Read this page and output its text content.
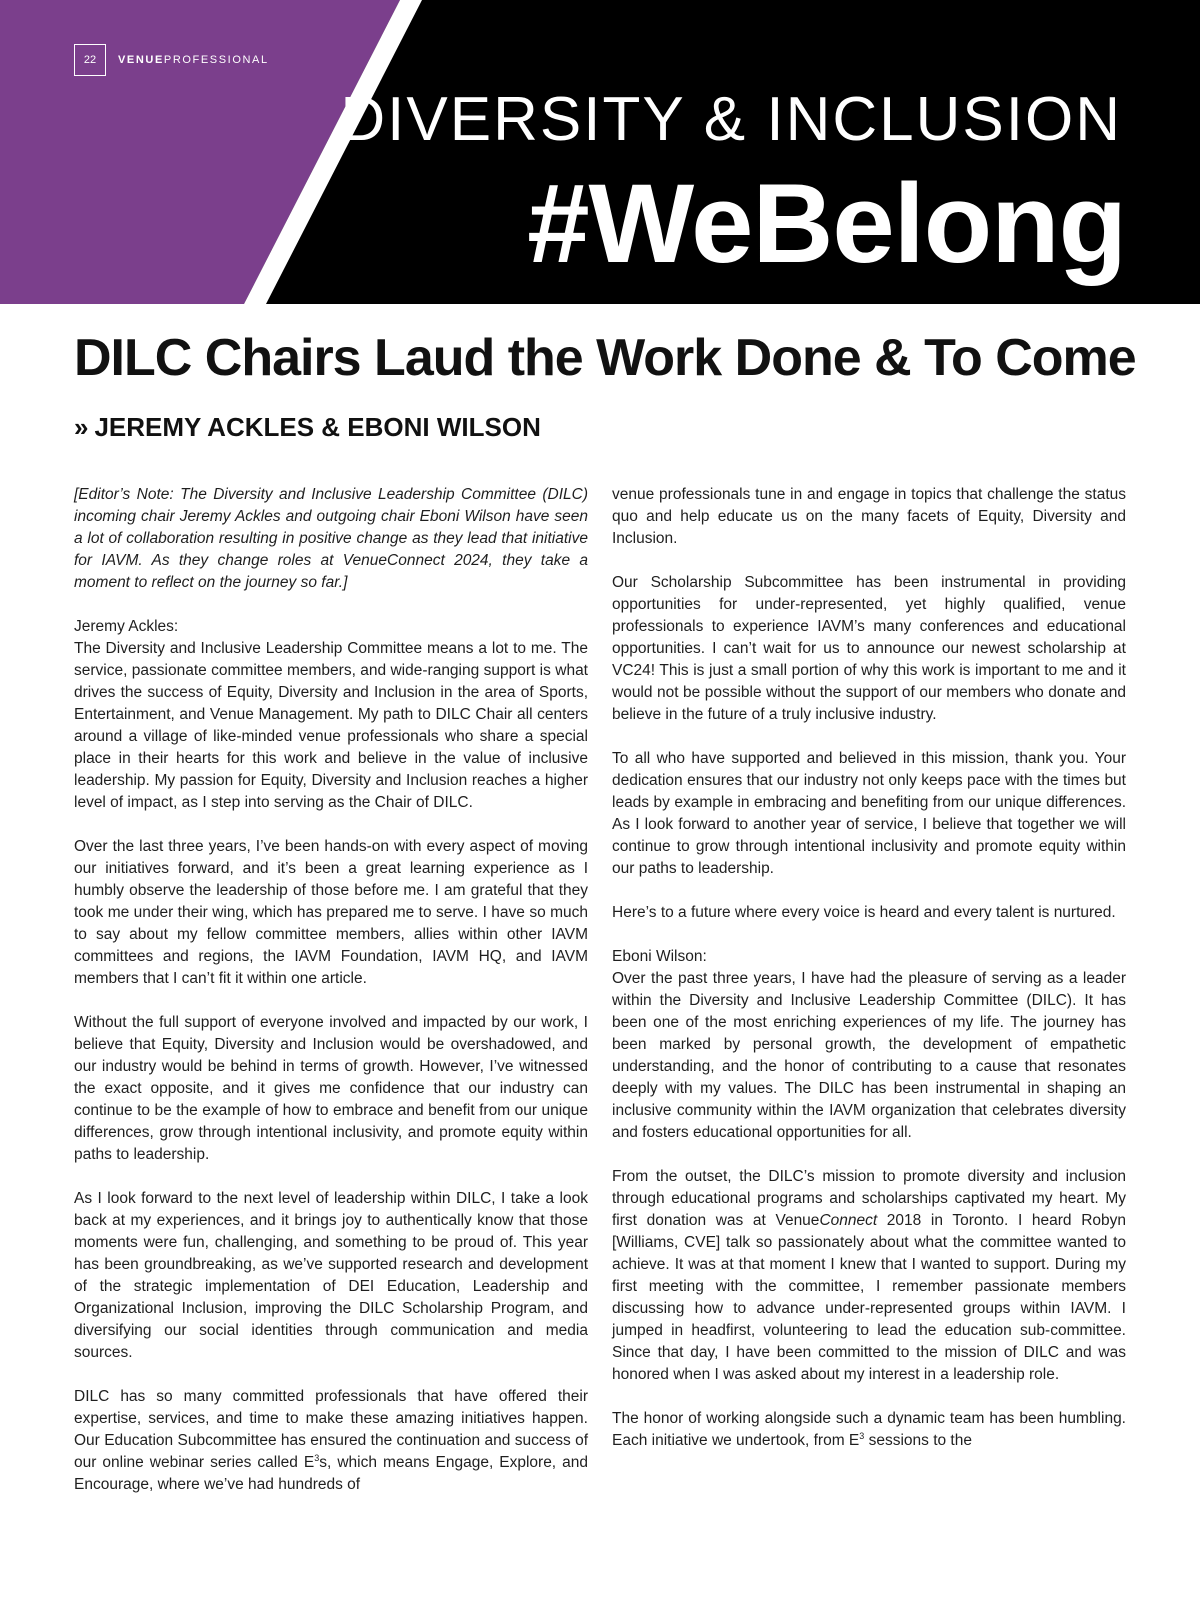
22	VENUEPROFESSIONAL
DIVERSITY & INCLUSION
#WeBelong
DILC Chairs Laud the Work Done & To Come
» JEREMY ACKLES & EBONI WILSON

[Editor’s Note: The Diversity and Inclusive Leadership Committee (DILC) incoming chair Jeremy Ackles and outgoing chair Eboni Wilson have seen a lot of collaboration resulting in positive change as they lead that initiative for IAVM. As they change roles at VenueConnect 2024, they take a moment to reflect on the journey so far.]

Jeremy Ackles:

The Diversity and Inclusive Leadership Committee means a lot to me. The service, passionate committee members, and wide-ranging support is what drives the success of Equity, Diversity and Inclusion in the area of Sports, Entertainment, and Venue Management. My path to DILC Chair all centers around a village of like-minded venue professionals who share a special place in their hearts for this work and believe in the value of inclusive leadership. My passion for Equity, Diversity and Inclusion reaches a higher level of impact, as I step into serving as the Chair of DILC.

Over the last three years, I’ve been hands-on with every aspect of moving our initiatives forward, and it’s been a great learning experience as I humbly observe the leadership of those before me. I am grateful that they took me under their wing, which has prepared me to serve. I have so much to say about my fellow committee members, allies within other IAVM committees and regions, the IAVM Foundation, IAVM HQ, and IAVM members that I can’t fit it within one article.

Without the full support of everyone involved and impacted by our work, I believe that Equity, Diversity and Inclusion would be overshadowed, and our industry would be behind in terms of growth. However, I’ve witnessed the exact opposite, and it gives me confidence that our industry can continue to be the example of how to embrace and benefit from our unique differences, grow through intentional inclusivity, and promote equity within paths to leadership.

As I look forward to the next level of leadership within DILC, I take a look back at my experiences, and it brings joy to authentically know that those moments were fun, challenging, and something to be proud of. This year has been groundbreaking, as we’ve supported research and development of the strategic implementation of DEI Education, Leadership and Organizational Inclusion, improving the DILC Scholarship Program, and diversifying our social identities through communication and media sources.

DILC has so many committed professionals that have offered their expertise, services, and time to make these amazing initiatives happen. Our Education Subcommittee has ensured the continuation and success of our online webinar series called $E^3s$, which means Engage, Explore, and Encourage, where we’ve had hundreds of

venue professionals tune in and engage in topics that challenge the status quo and help educate us on the many facets of Equity, Diversity and Inclusion.

Our Scholarship Subcommittee has been instrumental in providing opportunities for under-represented, yet highly qualified, venue professionals to experience IAVM’s many conferences and educational opportunities. I can’t wait for us to announce our newest scholarship at VC24! This is just a small portion of why this work is important to me and it would not be possible without the support of our members who donate and believe in the future of a truly inclusive industry.

To all who have supported and believed in this mission, thank you. Your dedication ensures that our industry not only keeps pace with the times but leads by example in embracing and benefiting from our unique differences. As I look forward to another year of service, I believe that together we will continue to grow through intentional inclusivity and promote equity within our paths to leadership.

Here’s to a future where every voice is heard and every talent is nurtured.

Eboni Wilson:

Over the past three years, I have had the pleasure of serving as a leader within the Diversity and Inclusive Leadership Committee (DILC). It has been one of the most enriching experiences of my life. The journey has been marked by personal growth, the development of empathetic understanding, and the honor of contributing to a cause that resonates deeply with my values. The DILC has been instrumental in shaping an inclusive community within the IAVM organization that celebrates diversity and fosters educational opportunities for all.

From the outset, the DILC’s mission to promote diversity and inclusion through educational programs and scholarships captivated my heart. My first donation was at VenueConnect 2018 in Toronto. I heard Robyn [Williams, CVE] talk so passionately about what the committee wanted to achieve. It was at that moment I knew that I wanted to support. During my first meeting with the committee, I remember passionate members discussing how to advance under-represented groups within IAVM. I jumped in headfirst, volunteering to lead the education sub-committee. Since that day, I have been committed to the mission of DILC and was honored when I was asked about my interest in a leadership role.

The honor of working alongside such a dynamic team has been humbling. Each initiative we undertook, from $E^3$ sessions to the
